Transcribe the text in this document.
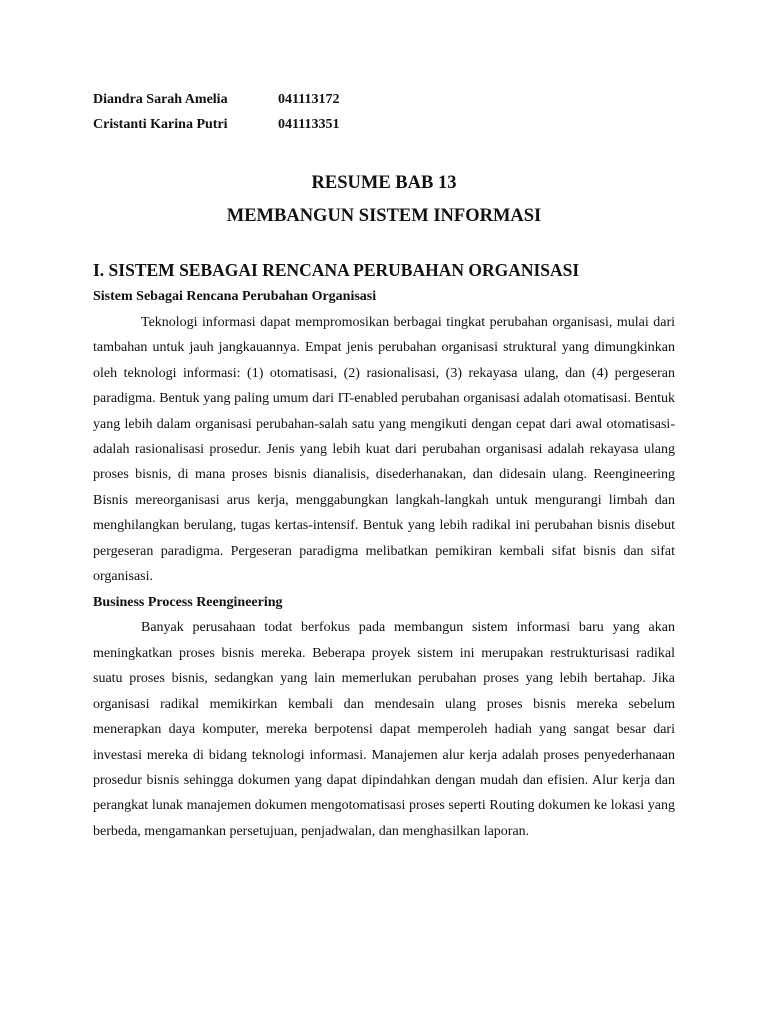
Diandra Sarah Amelia	041113172
Cristanti Karina Putri	041113351
RESUME BAB 13
MEMBANGUN SISTEM INFORMASI
I. SISTEM SEBAGAI RENCANA PERUBAHAN ORGANISASI
Sistem Sebagai Rencana Perubahan Organisasi

Teknologi informasi dapat mempromosikan berbagai tingkat perubahan organisasi, mulai dari tambahan untuk jauh jangkauannya. Empat jenis perubahan organisasi struktural yang dimungkinkan oleh teknologi informasi: (1) otomatisasi, (2) rasionalisasi, (3) rekayasa ulang, dan (4) pergeseran paradigma. Bentuk yang paling umum dari IT-enabled perubahan organisasi adalah otomatisasi. Bentuk yang lebih dalam organisasi perubahan-salah satu yang mengikuti dengan cepat dari awal otomatisasi-adalah rasionalisasi prosedur. Jenis yang lebih kuat dari perubahan organisasi adalah rekayasa ulang proses bisnis, di mana proses bisnis dianalisis, disederhanakan, dan didesain ulang. Reengineering Bisnis mereorganisasi arus kerja, menggabungkan langkah-langkah untuk mengurangi limbah dan menghilangkan berulang, tugas kertas-intensif. Bentuk yang lebih radikal ini perubahan bisnis disebut pergeseran paradigma. Pergeseran paradigma melibatkan pemikiran kembali sifat bisnis dan sifat organisasi.

Business Process Reengineering

Banyak perusahaan todat berfokus pada membangun sistem informasi baru yang akan meningkatkan proses bisnis mereka. Beberapa proyek sistem ini merupakan restrukturisasi radikal suatu proses bisnis, sedangkan yang lain memerlukan perubahan proses yang lebih bertahap. Jika organisasi radikal memikirkan kembali dan mendesain ulang proses bisnis mereka sebelum menerapkan daya komputer, mereka berpotensi dapat memperoleh hadiah yang sangat besar dari investasi mereka di bidang teknologi informasi. Manajemen alur kerja adalah proses penyederhanaan prosedur bisnis sehingga dokumen yang dapat dipindahkan dengan mudah dan efisien. Alur kerja dan perangkat lunak manajemen dokumen mengotomatisasi proses seperti Routing dokumen ke lokasi yang berbeda, mengamankan persetujuan, penjadwalan, dan menghasilkan laporan.
